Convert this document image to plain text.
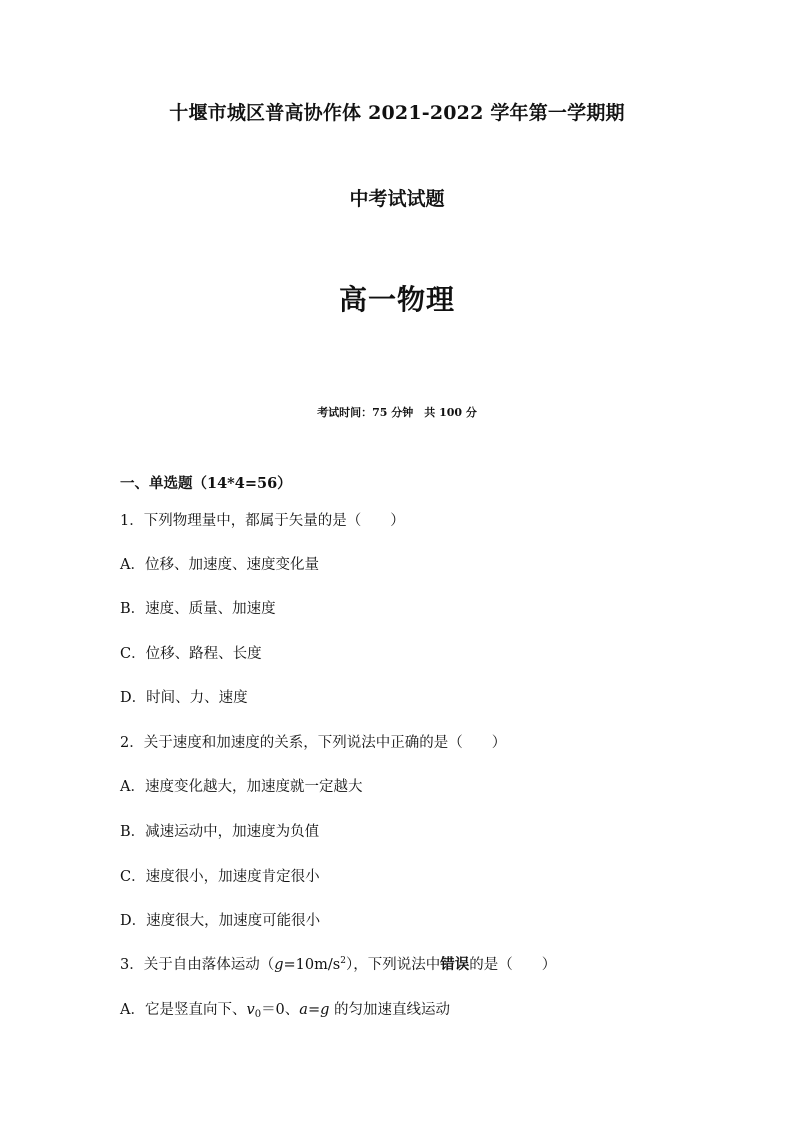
十堰市城区普高协作体 2021-2022 学年第一学期期
中考试试题
高一物理
考试时间：75 分钟　共 100 分
一、单选题（14*4=56）
1．下列物理量中，都属于矢量的是（　　）
A．位移、加速度、速度变化量
B．速度、质量、加速度
C．位移、路程、长度
D．时间、力、速度
2．关于速度和加速度的关系，下列说法中正确的是（　　）
A．速度变化越大，加速度就一定越大
B．减速运动中，加速度为负值
C．速度很小，加速度肯定很小
D．速度很大，加速度可能很小
3．关于自由落体运动$(g=10m/s^2)$，下列说法中错误的是（　　）
A．它是竖直向下、$v_0=0$、a=g 的匀加速直线运动
